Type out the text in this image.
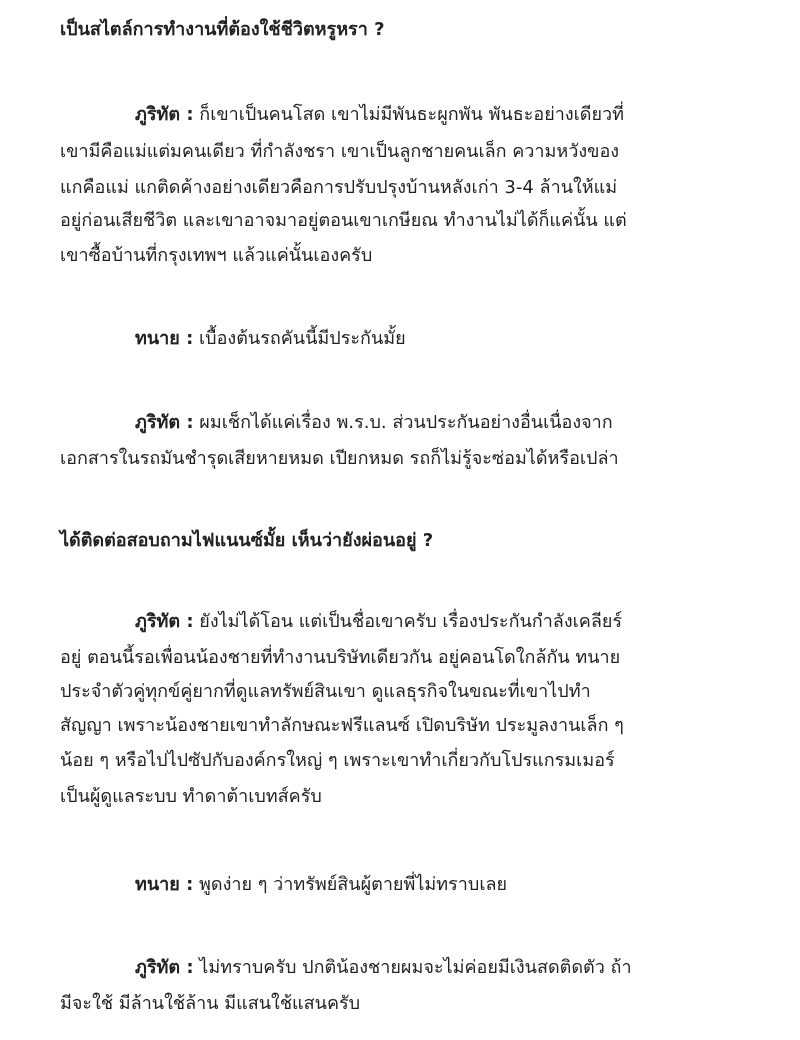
เป็นสไตล์การทำงานที่ต้องใช้ชีวิตหรูหรา ?
ภูริทัต : ก็เขาเป็นคนโสด เขาไม่มีพันธะผูกพัน พันธะอย่างเดียวที่
เขามีคือแม่แต่มคนเดียว ที่กำลังชรา เขาเป็นลูกชายคนเล็ก ความหวังของ
แกคือแม่ แกติดค้างอย่างเดียวคือการปรับปรุงบ้านหลังเก่า 3-4 ล้านให้แม่
อยู่ก่อนเสียชีวิต และเขาอาจมาอยู่ตอนเขาเกษียณ ทำงานไม่ได้ก็แค่นั้น แต่
เขาซื้อบ้านที่กรุงเทพฯ แล้วแค่นั้นเองครับ
ทนาย : เบื้องต้นรถคันนี้มีประกันมั้ย
ภูริทัต : ผมเช็กได้แค่เรื่อง พ.ร.บ. ส่วนประกันอย่างอื่นเนื่องจาก
เอกสารในรถมันชำรุดเสียหายหมด เปียกหมด รถก็ไม่รู้จะซ่อมได้หรือเปล่า
ได้ติดต่อสอบถามไฟแนนซ์มั้ย เห็นว่ายังผ่อนอยู่ ?
ภูริทัต : ยังไม่ได้โอน แต่เป็นชื่อเขาครับ เรื่องประกันกำลังเคลียร์
อยู่ ตอนนี้รอเพื่อนน้องชายที่ทำงานบริษัทเดียวกัน อยู่คอนโดใกล้กัน ทนาย
ประจำตัวคู่ทุกข์คู่ยากที่ดูแลทรัพย์สินเขา ดูแลธุรกิจในขณะที่เขาไปทำ
สัญญา เพราะน้องชายเขาทำลักษณะฟรีแลนซ์ เปิดบริษัท ประมูลงานเล็ก ๆ
น้อย ๆ หรือไปไปซัปกับองค์กรใหญ่ ๆ เพราะเขาทำเกี่ยวกับโปรแกรมเมอร์
เป็นผู้ดูแลระบบ ทำดาต้าเบทส์ครับ
ทนาย : พูดง่าย ๆ ว่าทรัพย์สินผู้ตายพี่ไม่ทราบเลย
ภูริทัต : ไม่ทราบครับ ปกติน้องชายผมจะไม่ค่อยมีเงินสดติดตัว ถ้า
มีจะใช้ มีล้านใช้ล้าน มีแสนใช้แสนครับ
